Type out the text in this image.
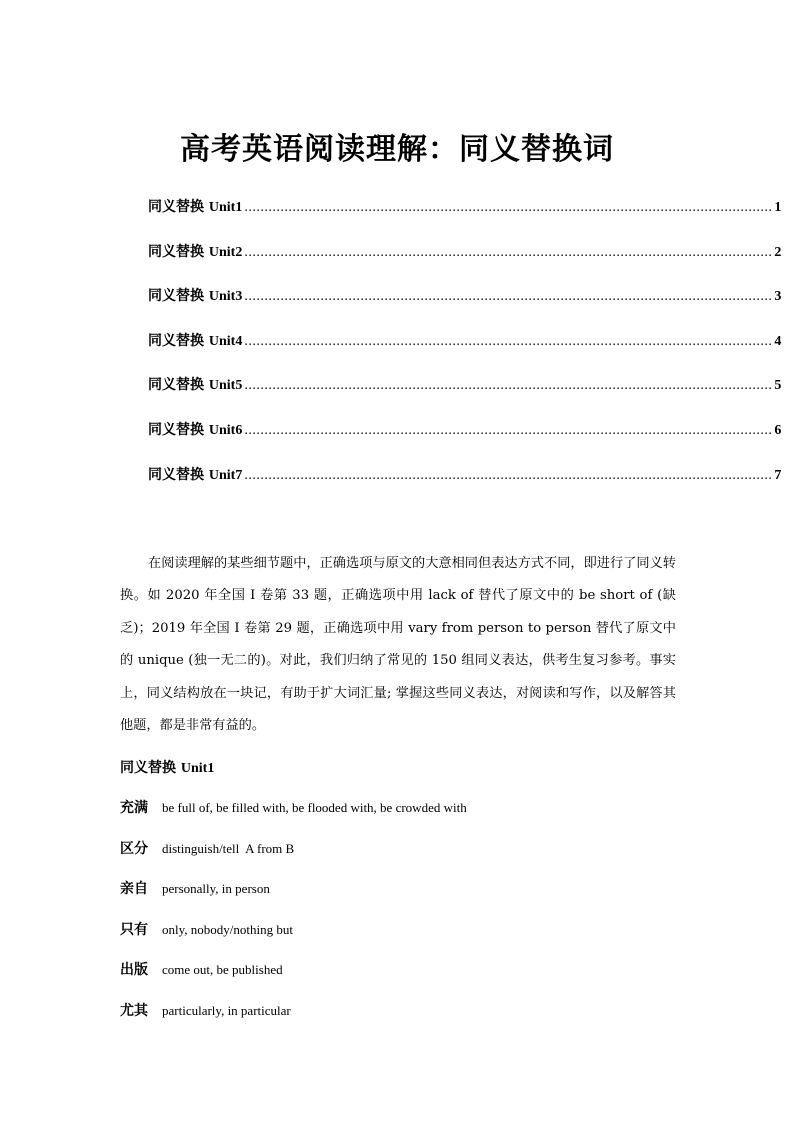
高考英语阅读理解：同义替换词
同义替换 Unit1 .................................................................................................................................... 1
同义替换 Unit2 .................................................................................................................................... 2
同义替换 Unit3 .................................................................................................................................... 3
同义替换 Unit4 .................................................................................................................................... 4
同义替换 Unit5 .................................................................................................................................... 5
同义替换 Unit6 .................................................................................................................................... 6
同义替换 Unit7 .................................................................................................................................... 7

在阅读理解的某些细节题中，正确选项与原文的大意相同但表达方式不同，即进行了同义转换。如 2020 年全国 I 卷第 33 题，正确选项中用 lack of 替代了原文中的 be short of (缺乏)；2019 年全国 I 卷第 29 题，正确选项中用 vary from person to person 替代了原文中的 unique (独一无二的)。对此，我们归纳了常见的 150 组同义表达，供考生复习参考。事实上，同义结构放在一块记，有助于扩大词汇量; 掌握这些同义表达，对阅读和写作，以及解答其他题，都是非常有益的。

同义替换 Unit1
充满	be full of, be filled with, be flooded with, be crowded with
区分	distinguish/tell  A from B
亲自	personally, in person
只有	only, nobody/nothing but
出版	come out, be published
尤其	particularly, in particular
